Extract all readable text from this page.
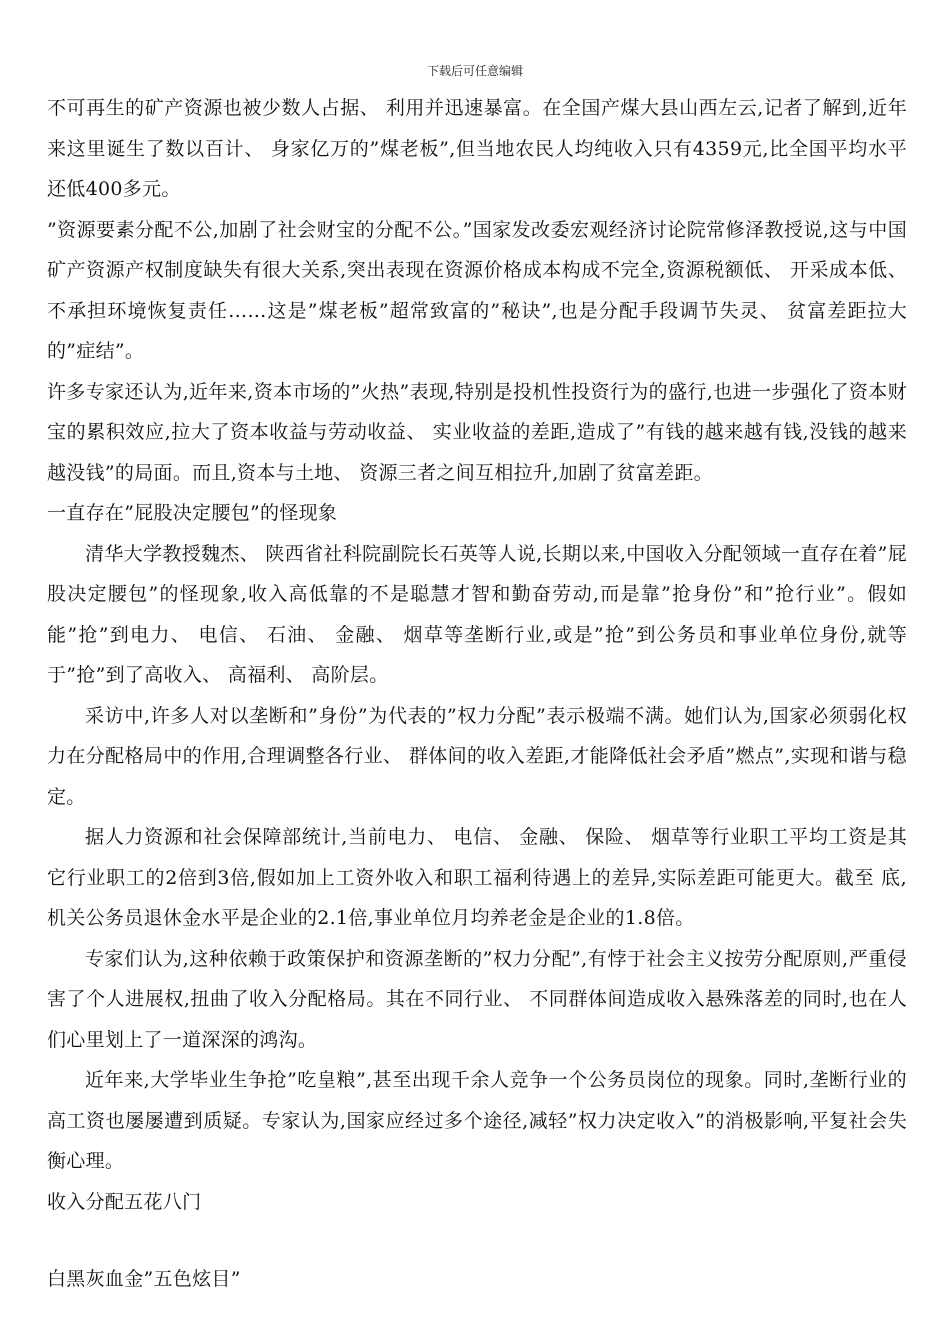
下载后可任意编辑

不可再生的矿产资源也被少数人占据、 利用并迅速暴富。在全国产煤大县山西左云,记者了解到,近年来这里诞生了数以百计、 身家亿万的”煤老板”,但当地农民人均纯收入只有4359元,比全国平均水平还低400多元。

”资源要素分配不公,加剧了社会财宝的分配不公。”国家发改委宏观经济讨论院常修泽教授说,这与中国矿产资源产权制度缺失有很大关系,突出表现在资源价格成本构成不完全,资源税额低、 开采成本低、 不承担环境恢复责任……这是”煤老板”超常致富的”秘诀”,也是分配手段调节失灵、 贫富差距拉大的”症结”。

许多专家还认为,近年来,资本市场的”火热”表现,特别是投机性投资行为的盛行,也进一步强化了资本财宝的累积效应,拉大了资本收益与劳动收益、 实业收益的差距,造成了”有钱的越来越有钱,没钱的越来越没钱”的局面。而且,资本与土地、 资源三者之间互相拉升,加剧了贫富差距。

一直存在”屁股决定腰包”的怪现象

清华大学教授魏杰、 陕西省社科院副院长石英等人说,长期以来,中国收入分配领域一直存在着”屁股决定腰包”的怪现象,收入高低靠的不是聪慧才智和勤奋劳动,而是靠”抢身份”和”抢行业”。假如能”抢”到电力、 电信、 石油、 金融、 烟草等垄断行业,或是”抢”到公务员和事业单位身份,就等于”抢”到了高收入、 高福利、 高阶层。

采访中,许多人对以垄断和”身份”为代表的”权力分配”表示极端不满。她们认为,国家必须弱化权力在分配格局中的作用,合理调整各行业、 群体间的收入差距,才能降低社会矛盾”燃点”,实现和谐与稳定。

据人力资源和社会保障部统计,当前电力、 电信、 金融、 保险、 烟草等行业职工平均工资是其它行业职工的2倍到3倍,假如加上工资外收入和职工福利待遇上的差异,实际差距可能更大。截至 底,机关公务员退休金水平是企业的2.1倍,事业单位月均养老金是企业的1.8倍。

专家们认为,这种依赖于政策保护和资源垄断的”权力分配”,有悖于社会主义按劳分配原则,严重侵害了个人进展权,扭曲了收入分配格局。其在不同行业、 不同群体间造成收入悬殊落差的同时,也在人们心里划上了一道深深的鸿沟。

近年来,大学毕业生争抢”吃皇粮”,甚至出现千余人竞争一个公务员岗位的现象。同时,垄断行业的高工资也屡屡遭到质疑。专家认为,国家应经过多个途径,减轻”权力决定收入”的消极影响,平复社会失衡心理。

收入分配五花八门

白黑灰血金”五色炫目”
